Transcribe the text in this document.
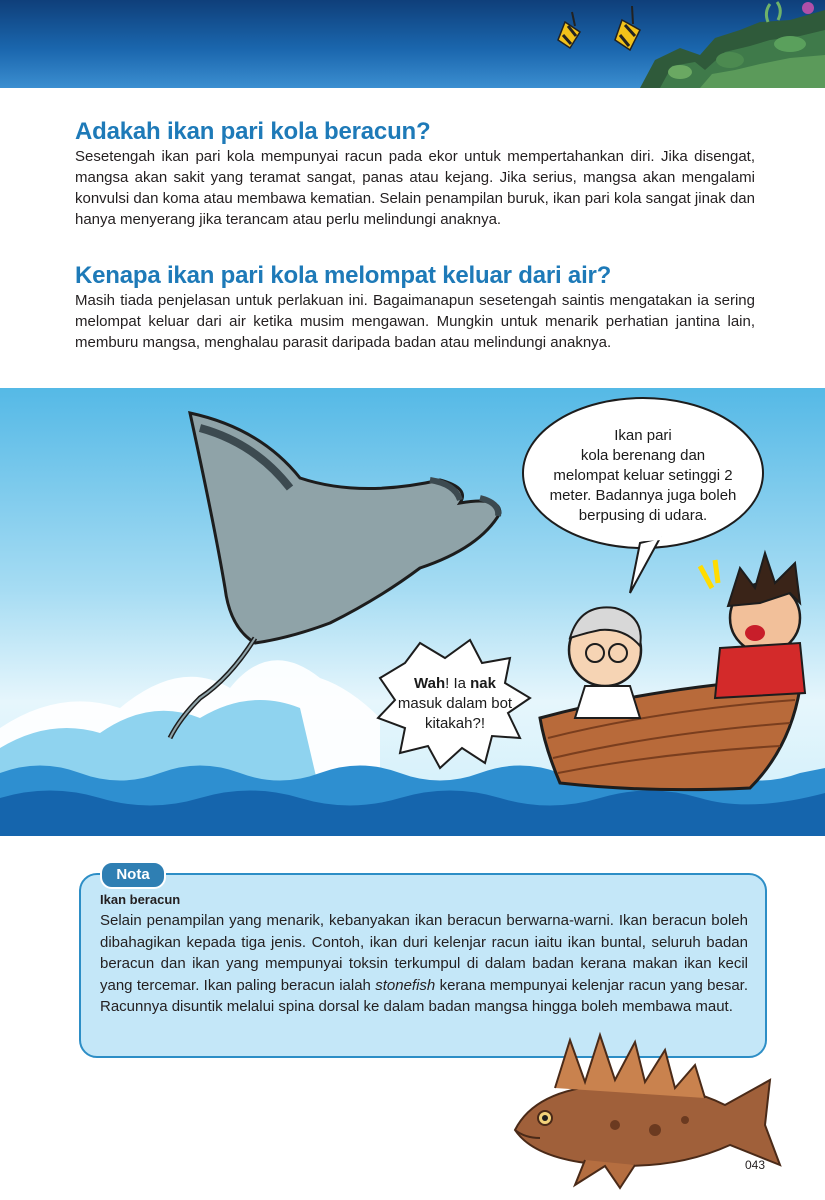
Adakah ikan pari kola beracun?

Sesetengah ikan pari kola mempunyai racun pada ekor untuk mempertahankan diri. Jika disengat, mangsa akan sakit yang teramat sangat, panas atau kejang. Jika serius, mangsa akan mengalami konvulsi dan koma atau membawa kematian. Selain penampilan buruk, ikan pari kola sangat jinak dan hanya menyerang jika terancam atau perlu melindungi anaknya.

Kenapa ikan pari kola melompat keluar dari air?

Masih tiada penjelasan untuk perlakuan ini. Bagaimanapun sesetengah saintis mengatakan ia sering melompat keluar dari air ketika musim mengawan. Mungkin untuk menarik perhatian jantina lain, memburu mangsa, menghalau parasit daripada badan atau melindungi anaknya.

Ikan pari
kola berenang dan
melompat keluar setinggi 2
meter. Badannya juga boleh
berpusing di udara.
Wah! Ia nak
masuk dalam bot
kitakah?!
Nota

Ikan beracun

Selain penampilan yang menarik, kebanyakan ikan beracun berwarna-warni. Ikan beracun boleh dibahagikan kepada tiga jenis. Contoh, ikan duri kelenjar racun iaitu ikan buntal, seluruh badan beracun dan ikan yang mempunyai toksin terkumpul di dalam badan kerana makan ikan kecil yang tercemar. Ikan paling beracun ialah stonefish kerana mempunyai kelenjar racun yang besar. Racunnya disuntik melalui spina dorsal ke dalam badan mangsa hingga boleh membawa maut.

043
